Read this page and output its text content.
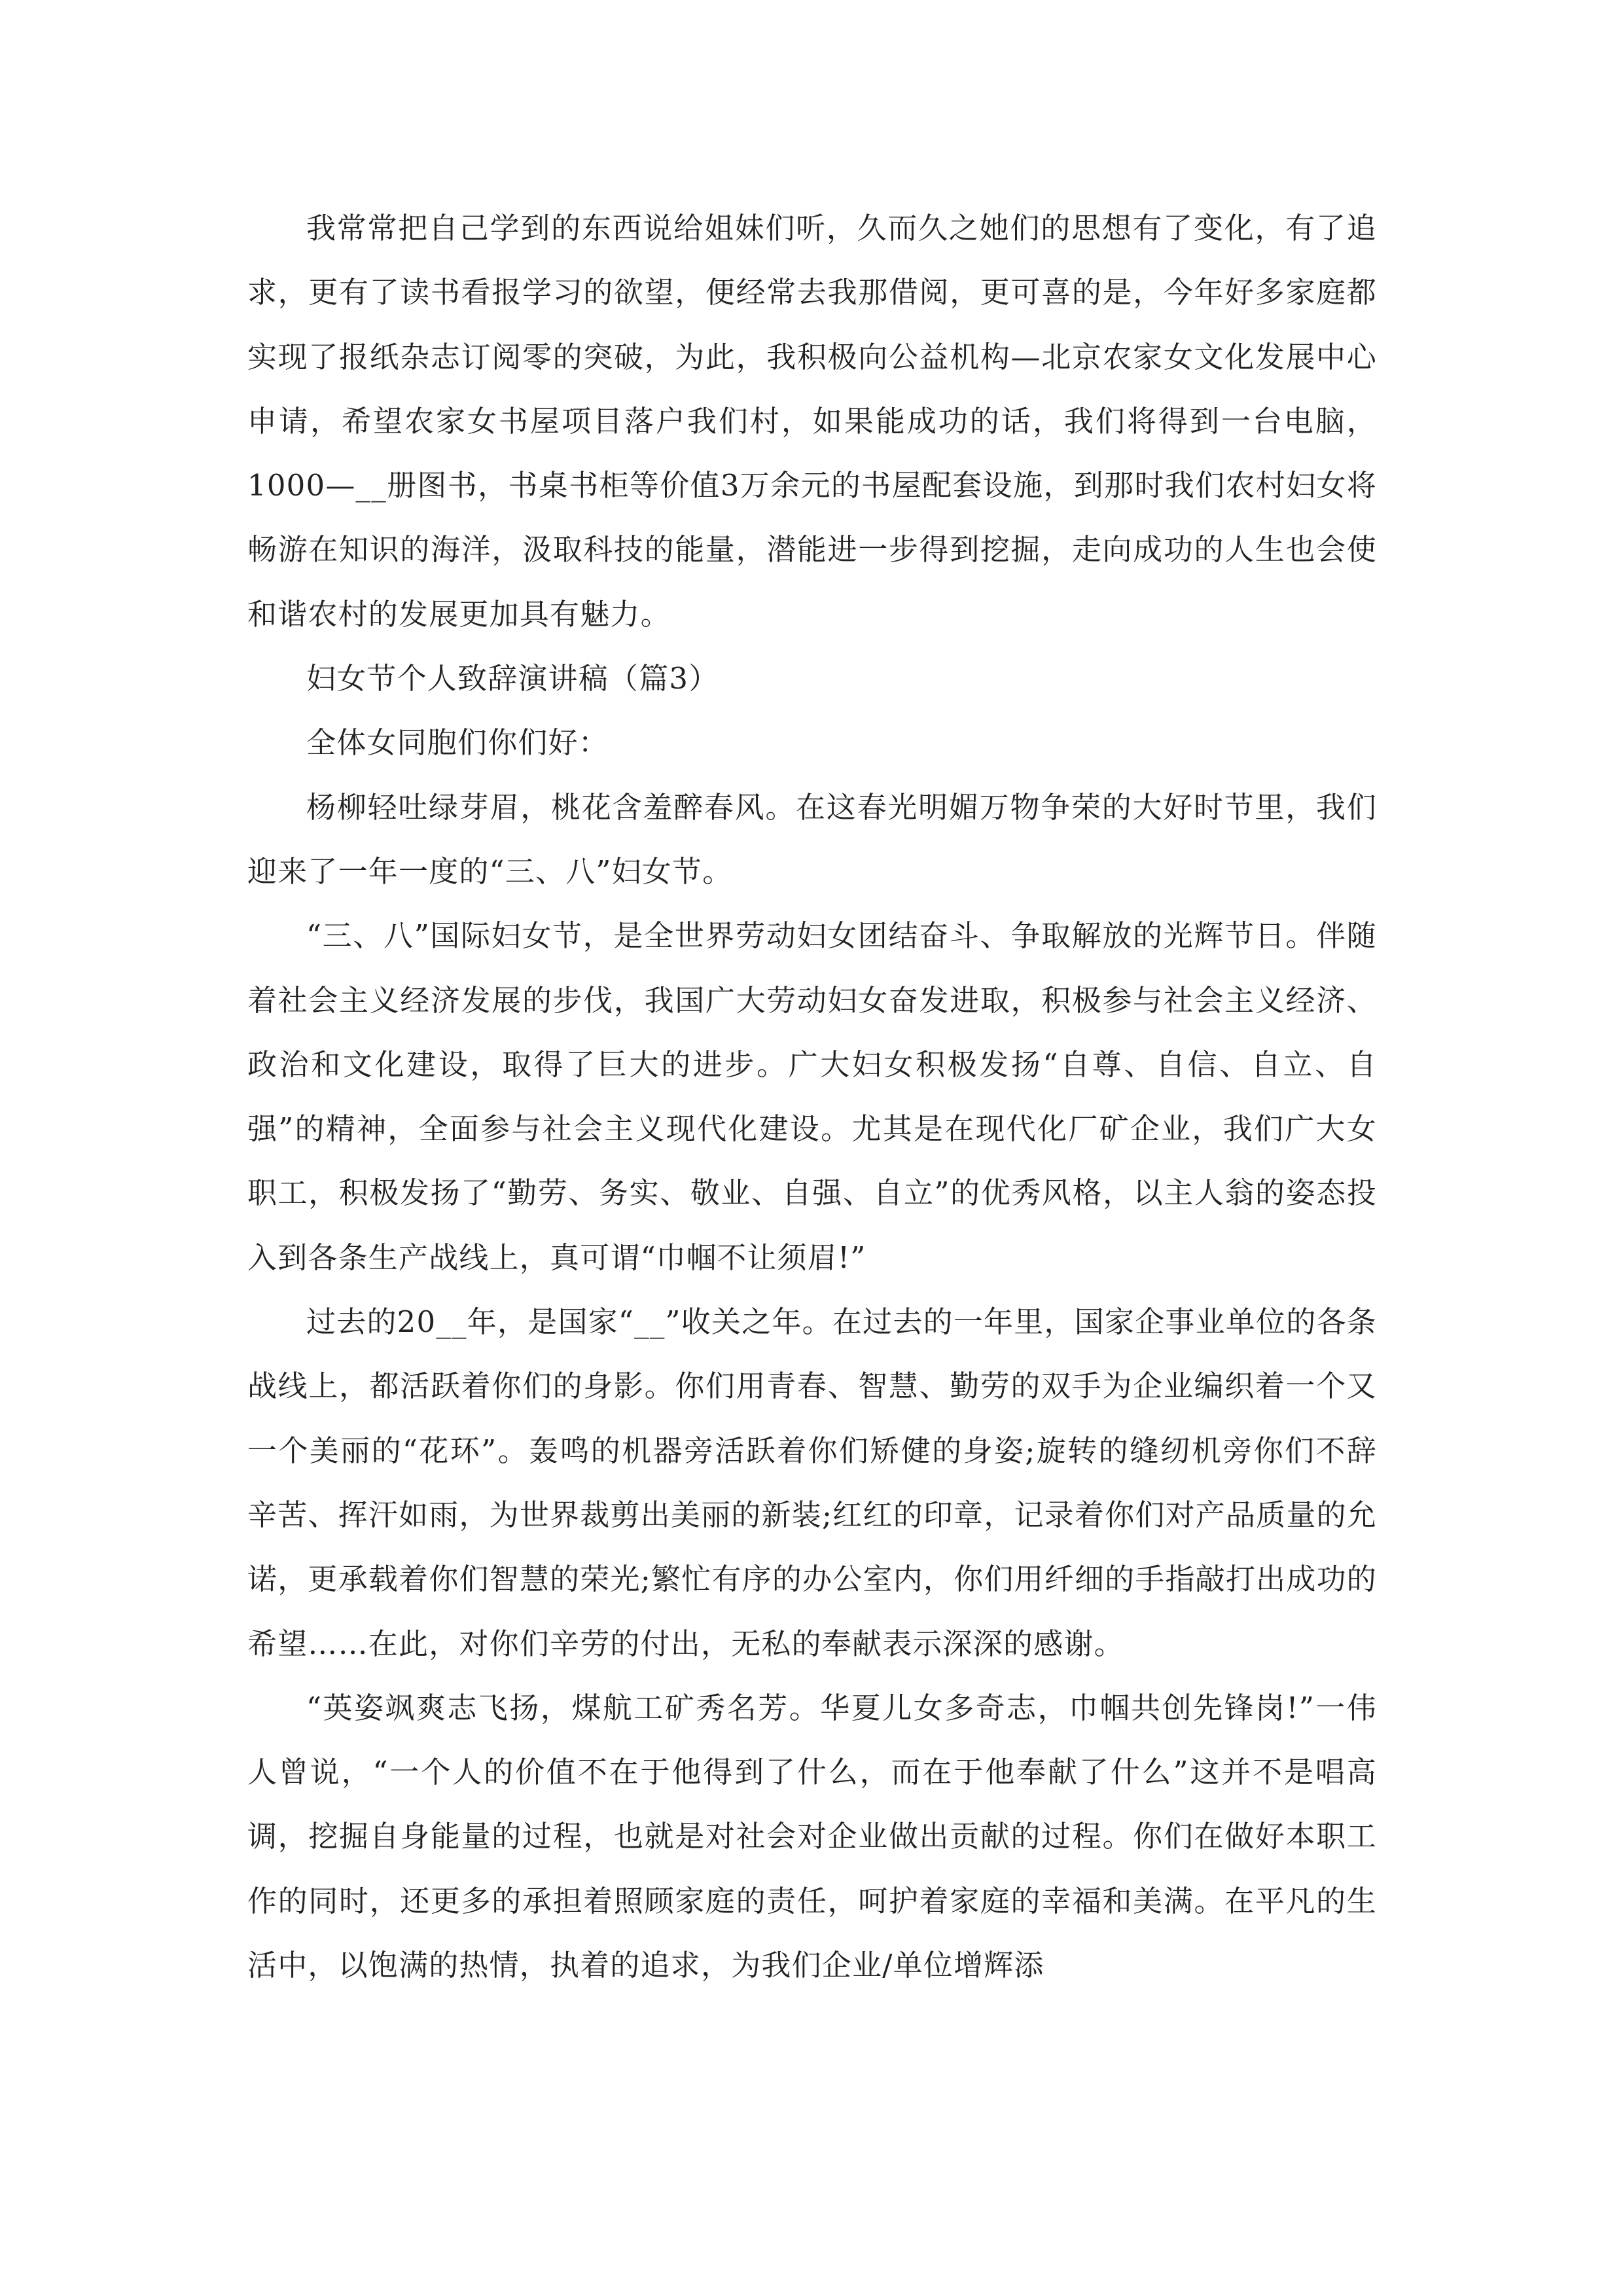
我常常把自己学到的东西说给姐妹们听，久而久之她们的思想有了变化，有了追求，更有了读书看报学习的欲望，便经常去我那借阅，更可喜的是，今年好多家庭都实现了报纸杂志订阅零的突破，为此，我积极向公益机构—北京农家女文化发展中心申请，希望农家女书屋项目落户我们村，如果能成功的话，我们将得到一台电脑，1000—__册图书，书桌书柜等价值3万余元的书屋配套设施，到那时我们农村妇女将畅游在知识的海洋，汲取科技的能量，潜能进一步得到挖掘，走向成功的人生也会使和谐农村的发展更加具有魅力。

妇女节个人致辞演讲稿（篇3）

全体女同胞们你们好：

杨柳轻吐绿芽眉，桃花含羞醉春风。在这春光明媚万物争荣的大好时节里，我们迎来了一年一度的“三、八”妇女节。

“三、八”国际妇女节，是全世界劳动妇女团结奋斗、争取解放的光辉节日。伴随着社会主义经济发展的步伐，我国广大劳动妇女奋发进取，积极参与社会主义经济、政治和文化建设，取得了巨大的进步。广大妇女积极发扬“自尊、自信、自立、自强”的精神，全面参与社会主义现代化建设。尤其是在现代化厂矿企业，我们广大女职工，积极发扬了“勤劳、务实、敬业、自强、自立”的优秀风格，以主人翁的姿态投入到各条生产战线上，真可谓“巾帼不让须眉!”

过去的20__年，是国家“__”收关之年。在过去的一年里，国家企事业单位的各条战线上，都活跃着你们的身影。你们用青春、智慧、勤劳的双手为企业编织着一个又一个美丽的“花环”。轰鸣的机器旁活跃着你们矫健的身姿;旋转的缝纫机旁你们不辞辛苦、挥汗如雨，为世界裁剪出美丽的新装;红红的印章，记录着你们对产品质量的允诺，更承载着你们智慧的荣光;繁忙有序的办公室内，你们用纤细的手指敲打出成功的希望……在此，对你们辛劳的付出，无私的奉献表示深深的感谢。

“英姿飒爽志飞扬，煤航工矿秀名芳。华夏儿女多奇志，巾帼共创先锋岗!”一伟人曾说，“一个人的价值不在于他得到了什么，而在于他奉献了什么”这并不是唱高调，挖掘自身能量的过程，也就是对社会对企业做出贡献的过程。你们在做好本职工作的同时，还更多的承担着照顾家庭的责任，呵护着家庭的幸福和美满。在平凡的生活中，以饱满的热情，执着的追求，为我们企业/单位增辉添
